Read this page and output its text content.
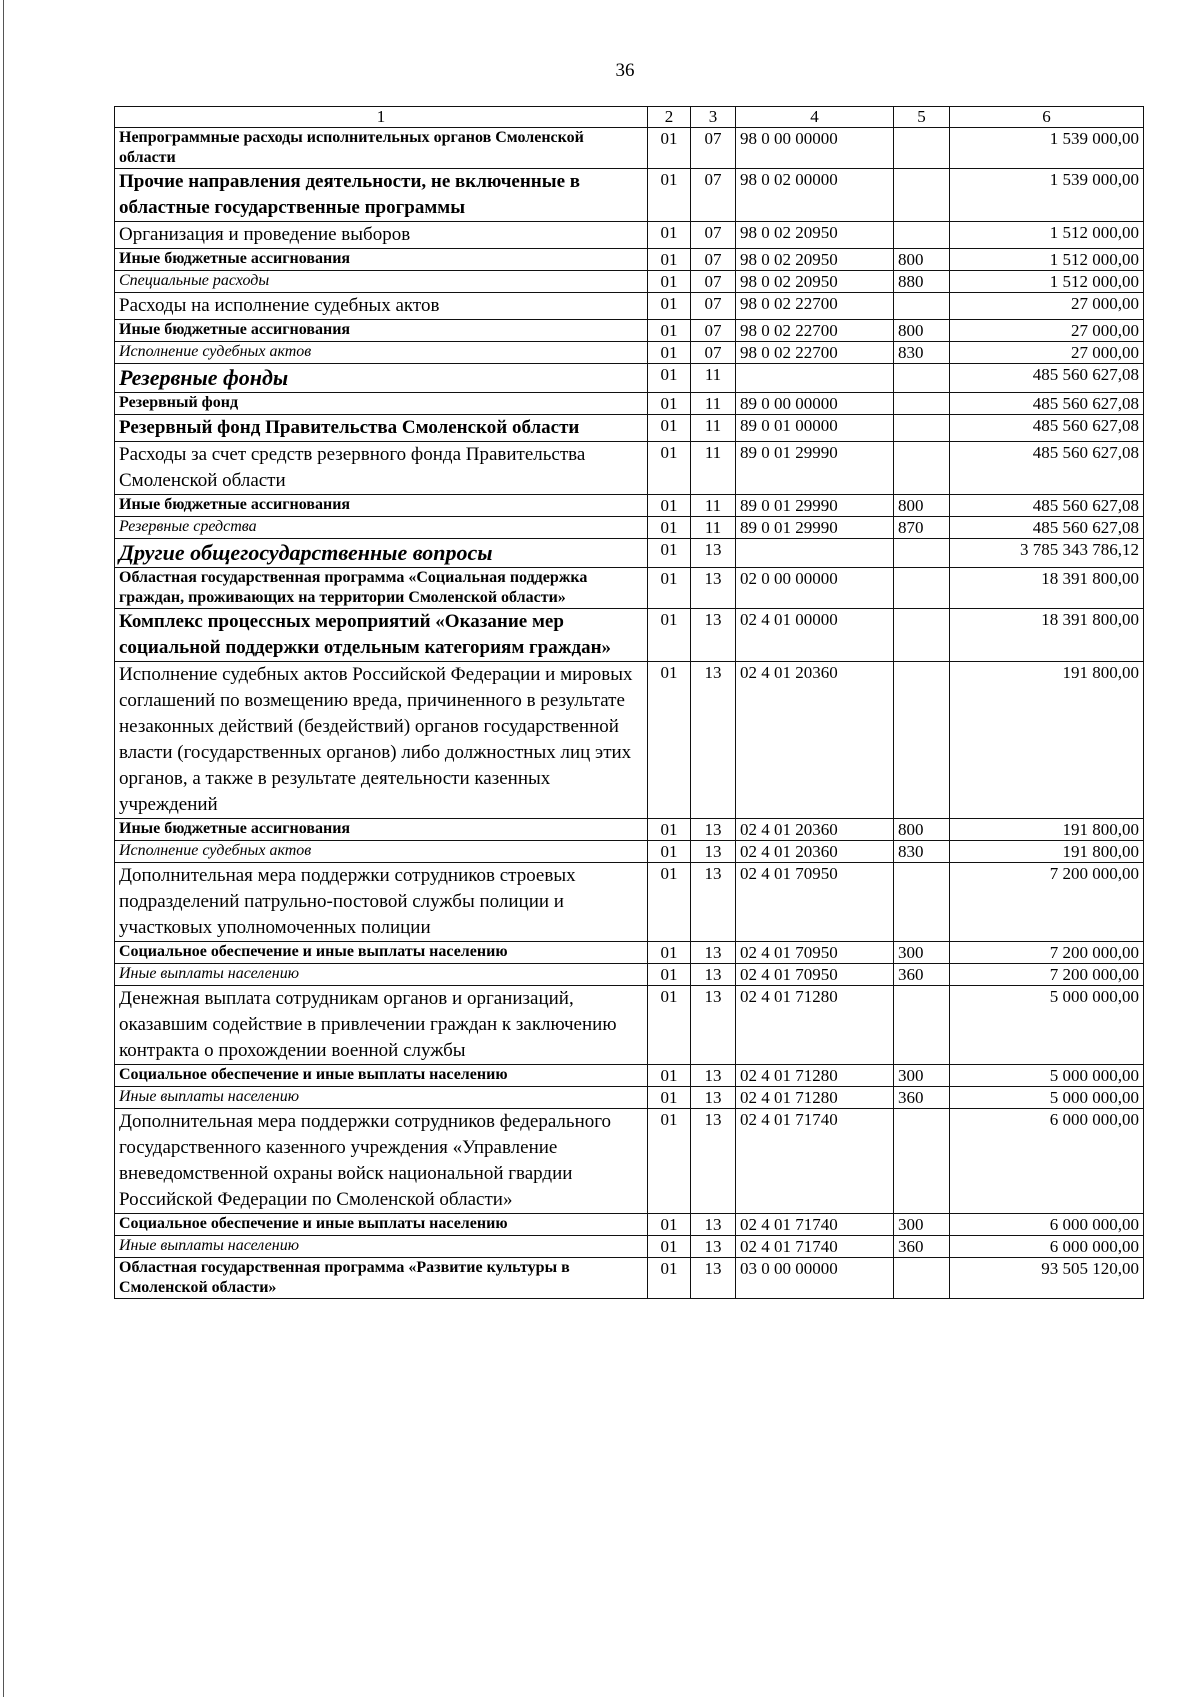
36
1	2	3	4	5	6
Непрограммные расходы исполнительных органов Смоленской области	01	07	98 0 00 00000		1 539 000,00
Прочие направления деятельности, не включенные в областные государственные программы	01	07	98 0 02 00000		1 539 000,00
Организация и проведение выборов	01	07	98 0 02 20950		1 512 000,00
Иные бюджетные ассигнования	01	07	98 0 02 20950	800	1 512 000,00
Специальные расходы	01	07	98 0 02 20950	880	1 512 000,00
Расходы на исполнение судебных актов	01	07	98 0 02 22700		27 000,00
Иные бюджетные ассигнования	01	07	98 0 02 22700	800	27 000,00
Исполнение судебных актов	01	07	98 0 02 22700	830	27 000,00
Резервные фонды	01	11			485 560 627,08
Резервный фонд	01	11	89 0 00 00000		485 560 627,08
Резервный фонд Правительства Смоленской области	01	11	89 0 01 00000		485 560 627,08
Расходы за счет средств резервного фонда Правительства Смоленской области	01	11	89 0 01 29990		485 560 627,08
Иные бюджетные ассигнования	01	11	89 0 01 29990	800	485 560 627,08
Резервные средства	01	11	89 0 01 29990	870	485 560 627,08
Другие общегосударственные вопросы	01	13			3 785 343 786,12
Областная государственная программа «Социальная поддержка граждан, проживающих на территории Смоленской области»	01	13	02 0 00 00000		18 391 800,00
Комплекс процессных мероприятий «Оказание мер социальной поддержки отдельным категориям граждан»	01	13	02 4 01 00000		18 391 800,00
Исполнение судебных актов Российской Федерации и мировых соглашений по возмещению вреда, причиненного в результате незаконных действий (бездействий) органов государственной власти (государственных органов) либо должностных лиц этих органов, а также в результате деятельности казенных учреждений	01	13	02 4 01 20360		191 800,00
Иные бюджетные ассигнования	01	13	02 4 01 20360	800	191 800,00
Исполнение судебных актов	01	13	02 4 01 20360	830	191 800,00
Дополнительная мера поддержки сотрудников строевых подразделений патрульно-постовой службы полиции и участковых уполномоченных полиции	01	13	02 4 01 70950		7 200 000,00
Социальное обеспечение и иные выплаты населению	01	13	02 4 01 70950	300	7 200 000,00
Иные выплаты населению	01	13	02 4 01 70950	360	7 200 000,00
Денежная выплата сотрудникам органов и организаций, оказавшим содействие в привлечении граждан к заключению контракта о прохождении военной службы	01	13	02 4 01 71280		5 000 000,00
Социальное обеспечение и иные выплаты населению	01	13	02 4 01 71280	300	5 000 000,00
Иные выплаты населению	01	13	02 4 01 71280	360	5 000 000,00
Дополнительная мера поддержки сотрудников федерального государственного казенного учреждения «Управление вневедомственной охраны войск национальной гвардии Российской Федерации по Смоленской области»	01	13	02 4 01 71740		6 000 000,00
Социальное обеспечение и иные выплаты населению	01	13	02 4 01 71740	300	6 000 000,00
Иные выплаты населению	01	13	02 4 01 71740	360	6 000 000,00
Областная государственная программа «Развитие культуры в Смоленской области»	01	13	03 0 00 00000		93 505 120,00
